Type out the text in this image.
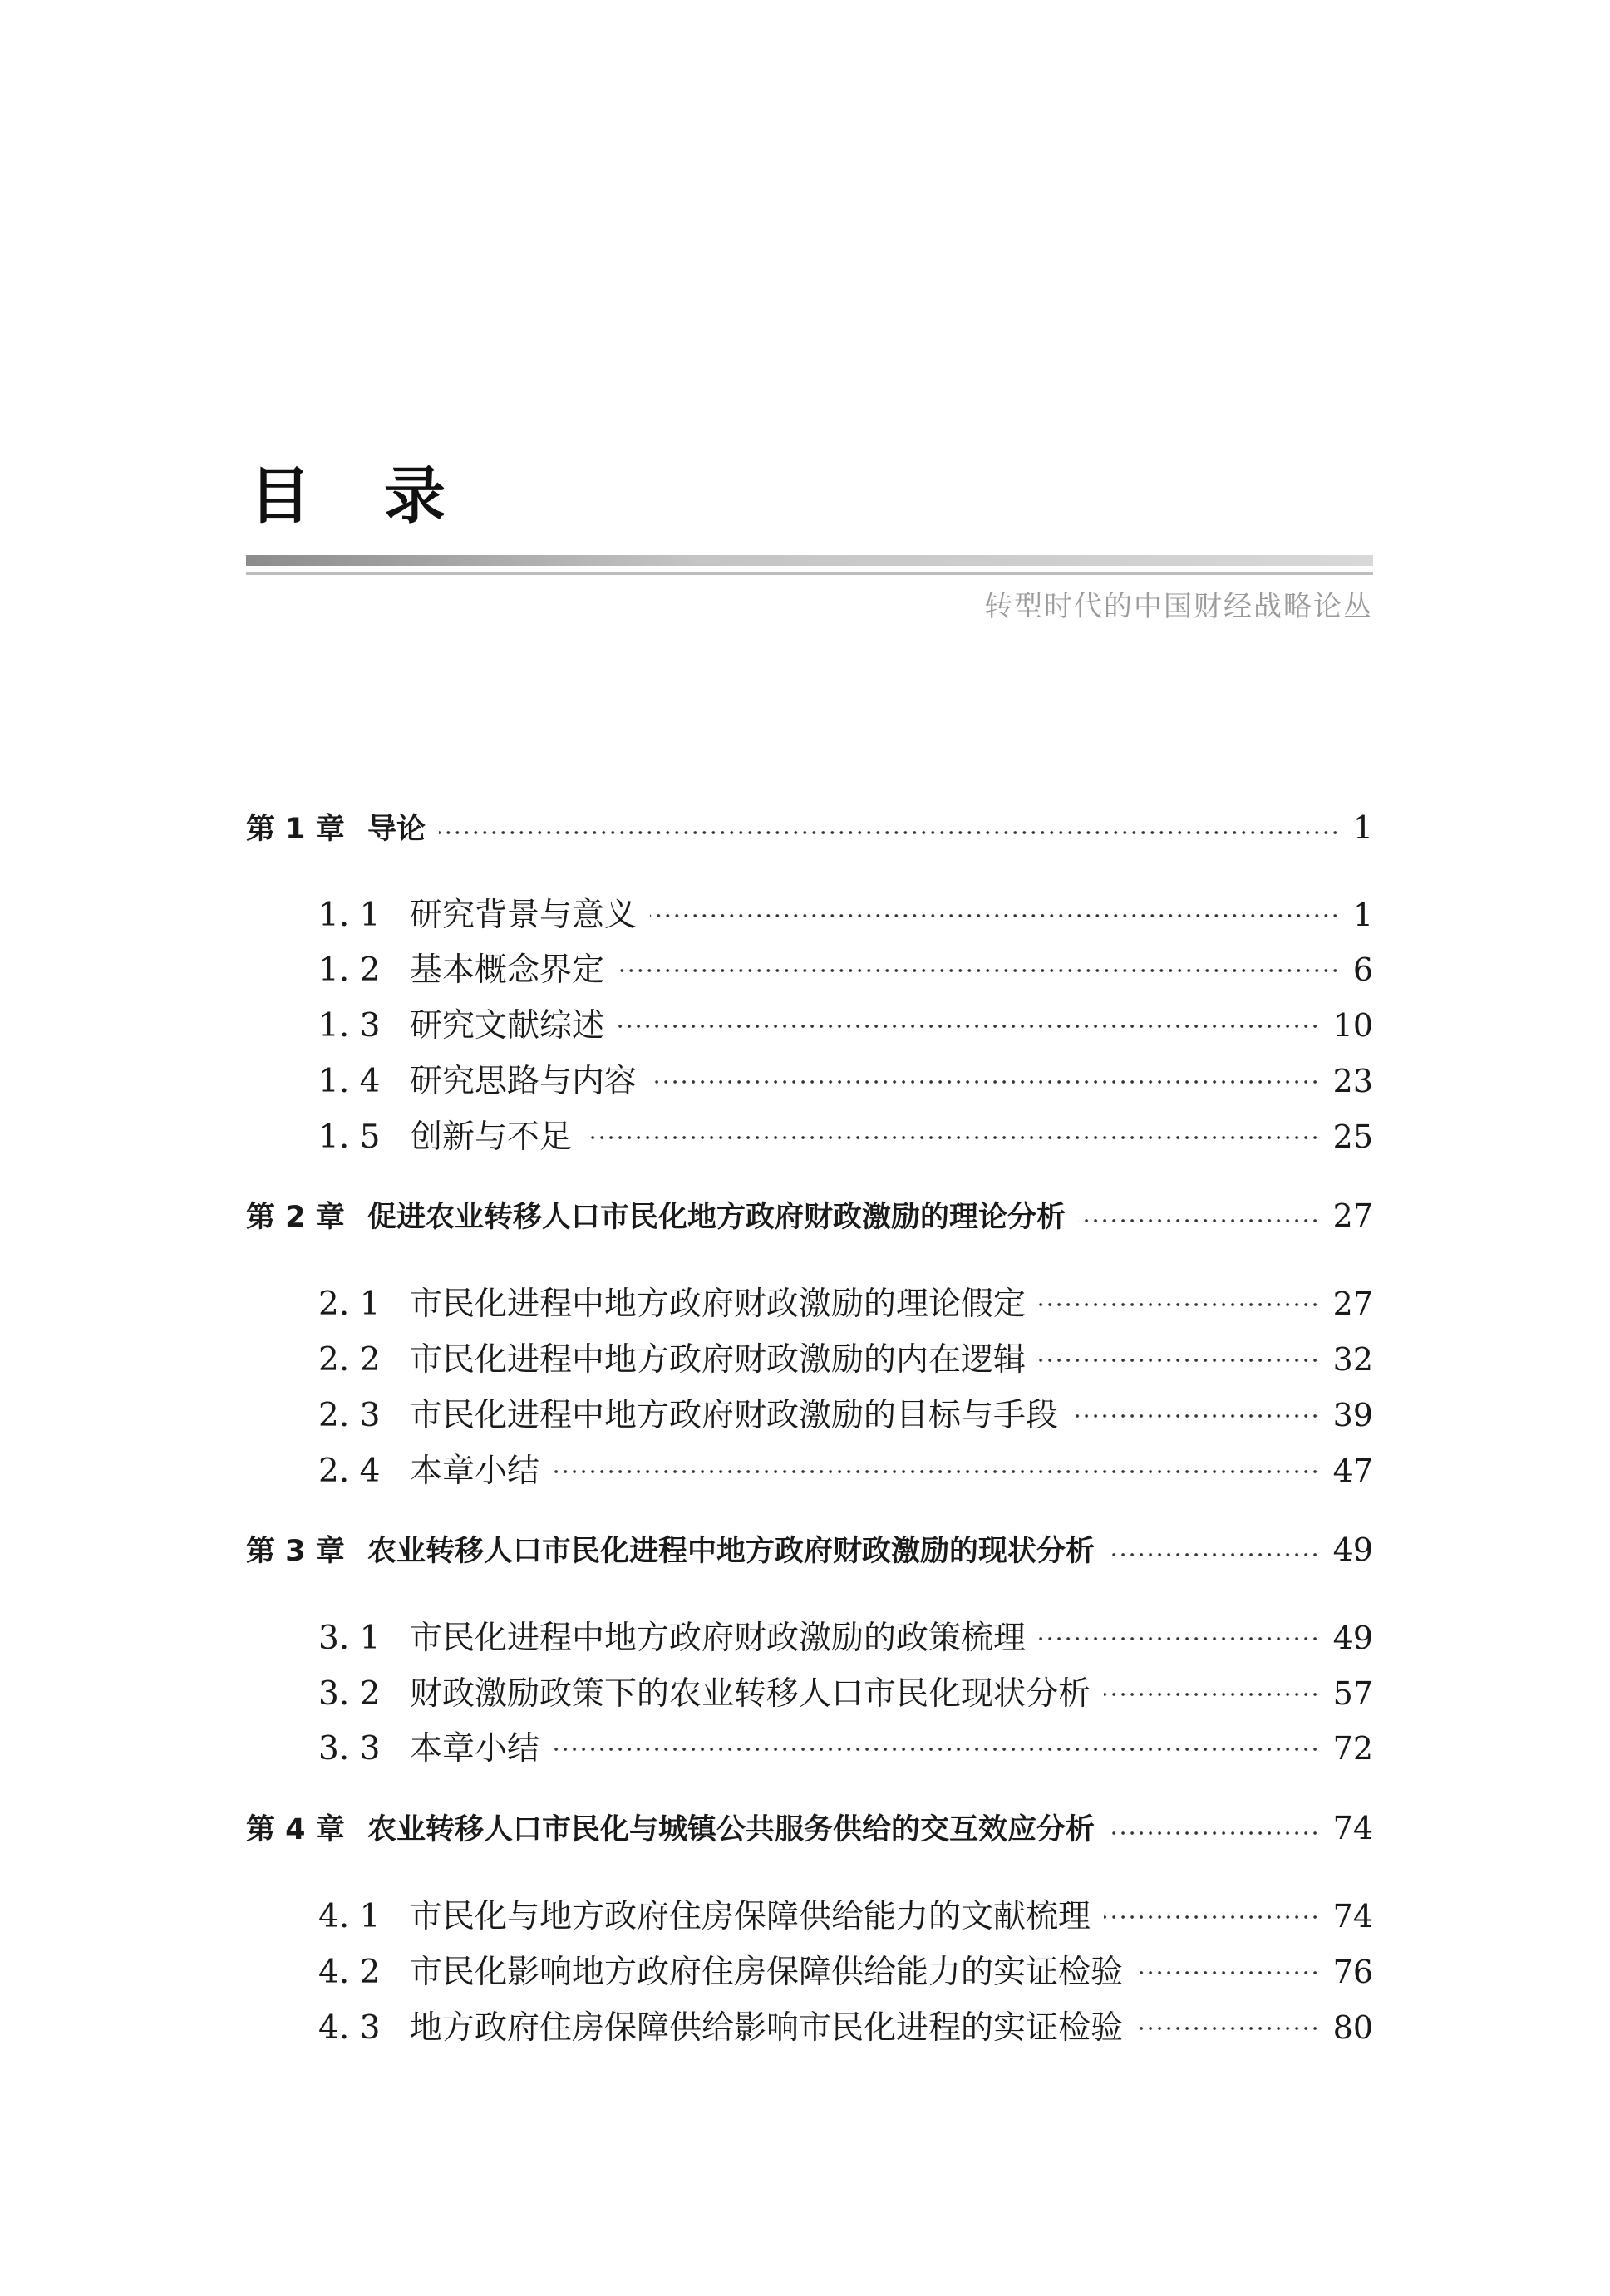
目录
转型时代的中国财经战略论丛
第 1 章 导论	1
1. 1 研究背景与意义	1
1. 2 基本概念界定	6
1. 3 研究文献综述	10
1. 4 研究思路与内容	23
1. 5 创新与不足	25
第 2 章 促进农业转移人口市民化地方政府财政激励的理论分析	27
2. 1 市民化进程中地方政府财政激励的理论假定	27
2. 2 市民化进程中地方政府财政激励的内在逻辑	32
2. 3 市民化进程中地方政府财政激励的目标与手段	39
2. 4 本章小结	47
第 3 章 农业转移人口市民化进程中地方政府财政激励的现状分析	49
3. 1 市民化进程中地方政府财政激励的政策梳理	49
3. 2 财政激励政策下的农业转移人口市民化现状分析	57
3. 3 本章小结	72
第 4 章 农业转移人口市民化与城镇公共服务供给的交互效应分析	74
4. 1 市民化与地方政府住房保障供给能力的文献梳理	74
4. 2 市民化影响地方政府住房保障供给能力的实证检验	76
4. 3 地方政府住房保障供给影响市民化进程的实证检验	80
